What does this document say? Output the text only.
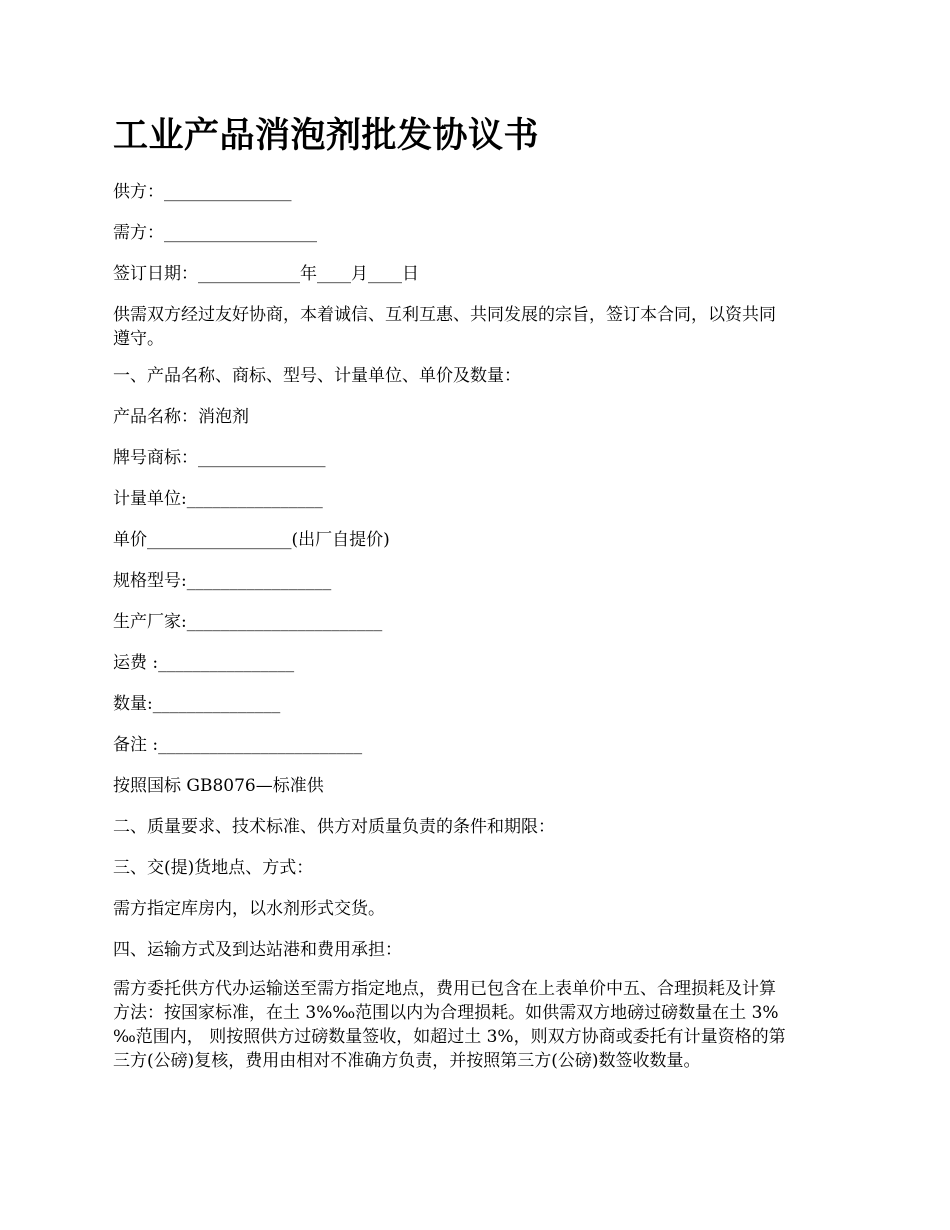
工业产品消泡剂批发协议书

供方：_______________

需方：__________________

签订日期：____________年____月____日

供需双方经过友好协商，本着诚信、互利互惠、共同发展的宗旨，签订本合同，以资共同
遵守。

一、产品名称、商标、型号、计量单位、单价及数量：

产品名称：消泡剂

牌号商标：_______________

计量单位:________________

单价_________________(出厂自提价)

规格型号:_________________

生产厂家:_______________________

运费 :________________

数量:_______________

备注 :________________________

按照国标 GB8076—标准供

二、质量要求、技术标准、供方对质量负责的条件和期限：

三、交(提)货地点、方式：

需方指定库房内，以水剂形式交货。

四、运输方式及到达站港和费用承担：

需方委托供方代办运输送至需方指定地点，费用已包含在上表单价中五、合理损耗及计算
方法：按国家标准，在土 3%‰范围以内为合理损耗。如供需双方地磅过磅数量在土 3%
‰范围内， 则按照供方过磅数量签收，如超过土 3%，则双方协商或委托有计量资格的第
三方(公磅)复核，费用由相对不准确方负责，并按照第三方(公磅)数签收数量。
